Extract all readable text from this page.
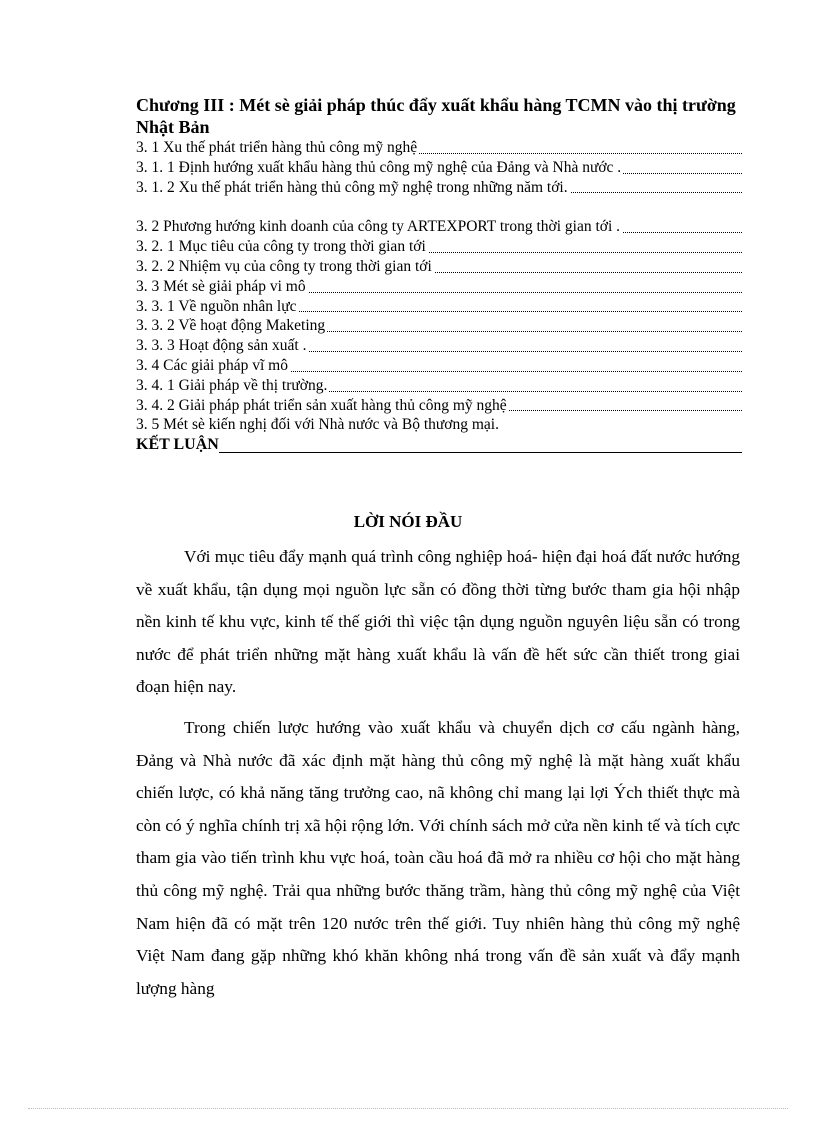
Chương III : Mét sè giải pháp thúc đẩy xuất khẩu hàng TCMN vào thị trường Nhật Bản

3. 1 Xu thế phát triển hàng thủ công mỹ nghệ
3. 1. 1 Định hướng xuất khẩu hàng thủ công mỹ nghệ của Đảng và Nhà nước .
3. 1. 2 Xu thế phát triển hàng thủ công mỹ nghệ trong những năm tới.
3. 2 Phương hướng kinh doanh của công ty ARTEXPORT trong thời gian tới .
3. 2. 1 Mục tiêu của công ty trong thời gian tới
3. 2. 2 Nhiệm vụ của công ty trong thời gian tới
3. 3 Mét sè giải pháp vi mô
3. 3. 1 Về nguồn nhân lực
3. 3. 2 Về hoạt động Maketing
3. 3. 3 Hoạt động sản xuất .
3. 4 Các giải pháp vĩ mô
3. 4. 1 Giải pháp về thị trường.
3. 4. 2 Giải pháp phát triển sản xuất hàng thủ công mỹ nghệ
3. 5 Mét sè kiến nghị đối với Nhà nước và Bộ thương mại.
KẾT LUẬN
LỜI NÓI ĐẦU

Với mục tiêu đẩy mạnh quá trình công nghiệp hoá- hiện đại hoá đất nước hướng về xuất khẩu, tận dụng mọi nguồn lực sẵn có đồng thời từng bước tham gia hội nhập nền kinh tế khu vực, kinh tế thế giới thì việc tận dụng nguồn nguyên liệu sẵn có trong nước để phát triển những mặt hàng xuất khẩu là vấn đề hết sức cần thiết trong giai đoạn hiện nay.

Trong chiến lược hướng vào xuất khẩu và chuyển dịch cơ cấu ngành hàng, Đảng và Nhà nước đã xác định mặt hàng thủ công mỹ nghệ là mặt hàng xuất khẩu chiến lược, có khả năng tăng trưởng cao, nã không chỉ mang lại lợi Ých thiết thực mà còn có ý nghĩa chính trị xã hội rộng lớn. Với chính sách mở cửa nền kinh tế và tích cực tham gia vào tiến trình khu vực hoá, toàn cầu hoá đã mở ra nhiều cơ hội cho mặt hàng thủ công mỹ nghệ. Trải qua những bước thăng trầm, hàng thủ công mỹ nghệ của Việt Nam hiện đã có mặt trên 120 nước trên thế giới. Tuy nhiên hàng thủ công mỹ nghệ Việt Nam đang gặp những khó khăn không nhá trong vấn đề sản xuất và đẩy mạnh lượng hàng
